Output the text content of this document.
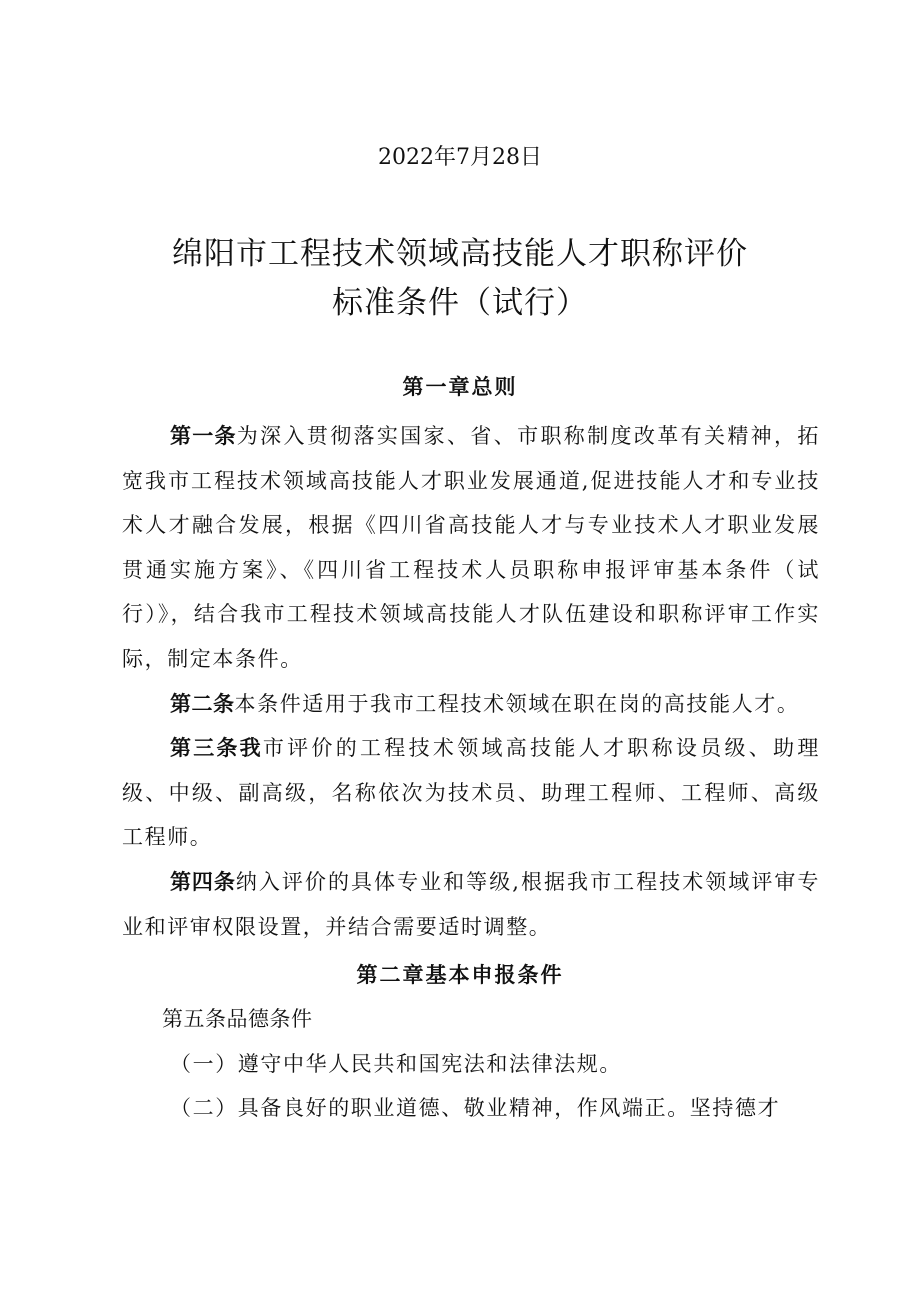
2022年7月28日
绵阳市工程技术领域高技能人才职称评价
标准条件（试行）
第一章总则
第一条为深入贯彻落实国家、省、市职称制度改革有关精神，拓宽我市工程技术领域高技能人才职业发展通道,促进技能人才和专业技术人才融合发展，根据《四川省高技能人才与专业技术人才职业发展贯通实施方案》、《四川省工程技术人员职称申报评审基本条件（试行）》，结合我市工程技术领域高技能人才队伍建设和职称评审工作实际，制定本条件。
第二条本条件适用于我市工程技术领域在职在岗的高技能人才。
第三条我市评价的工程技术领域高技能人才职称设员级、助理级、中级、副高级，名称依次为技术员、助理工程师、工程师、高级工程师。
第四条纳入评价的具体专业和等级,根据我市工程技术领域评审专业和评审权限设置，并结合需要适时调整。
第二章基本申报条件
第五条品德条件
（一）遵守中华人民共和国宪法和法律法规。
（二）具备良好的职业道德、敬业精神，作风端正。坚持德才
